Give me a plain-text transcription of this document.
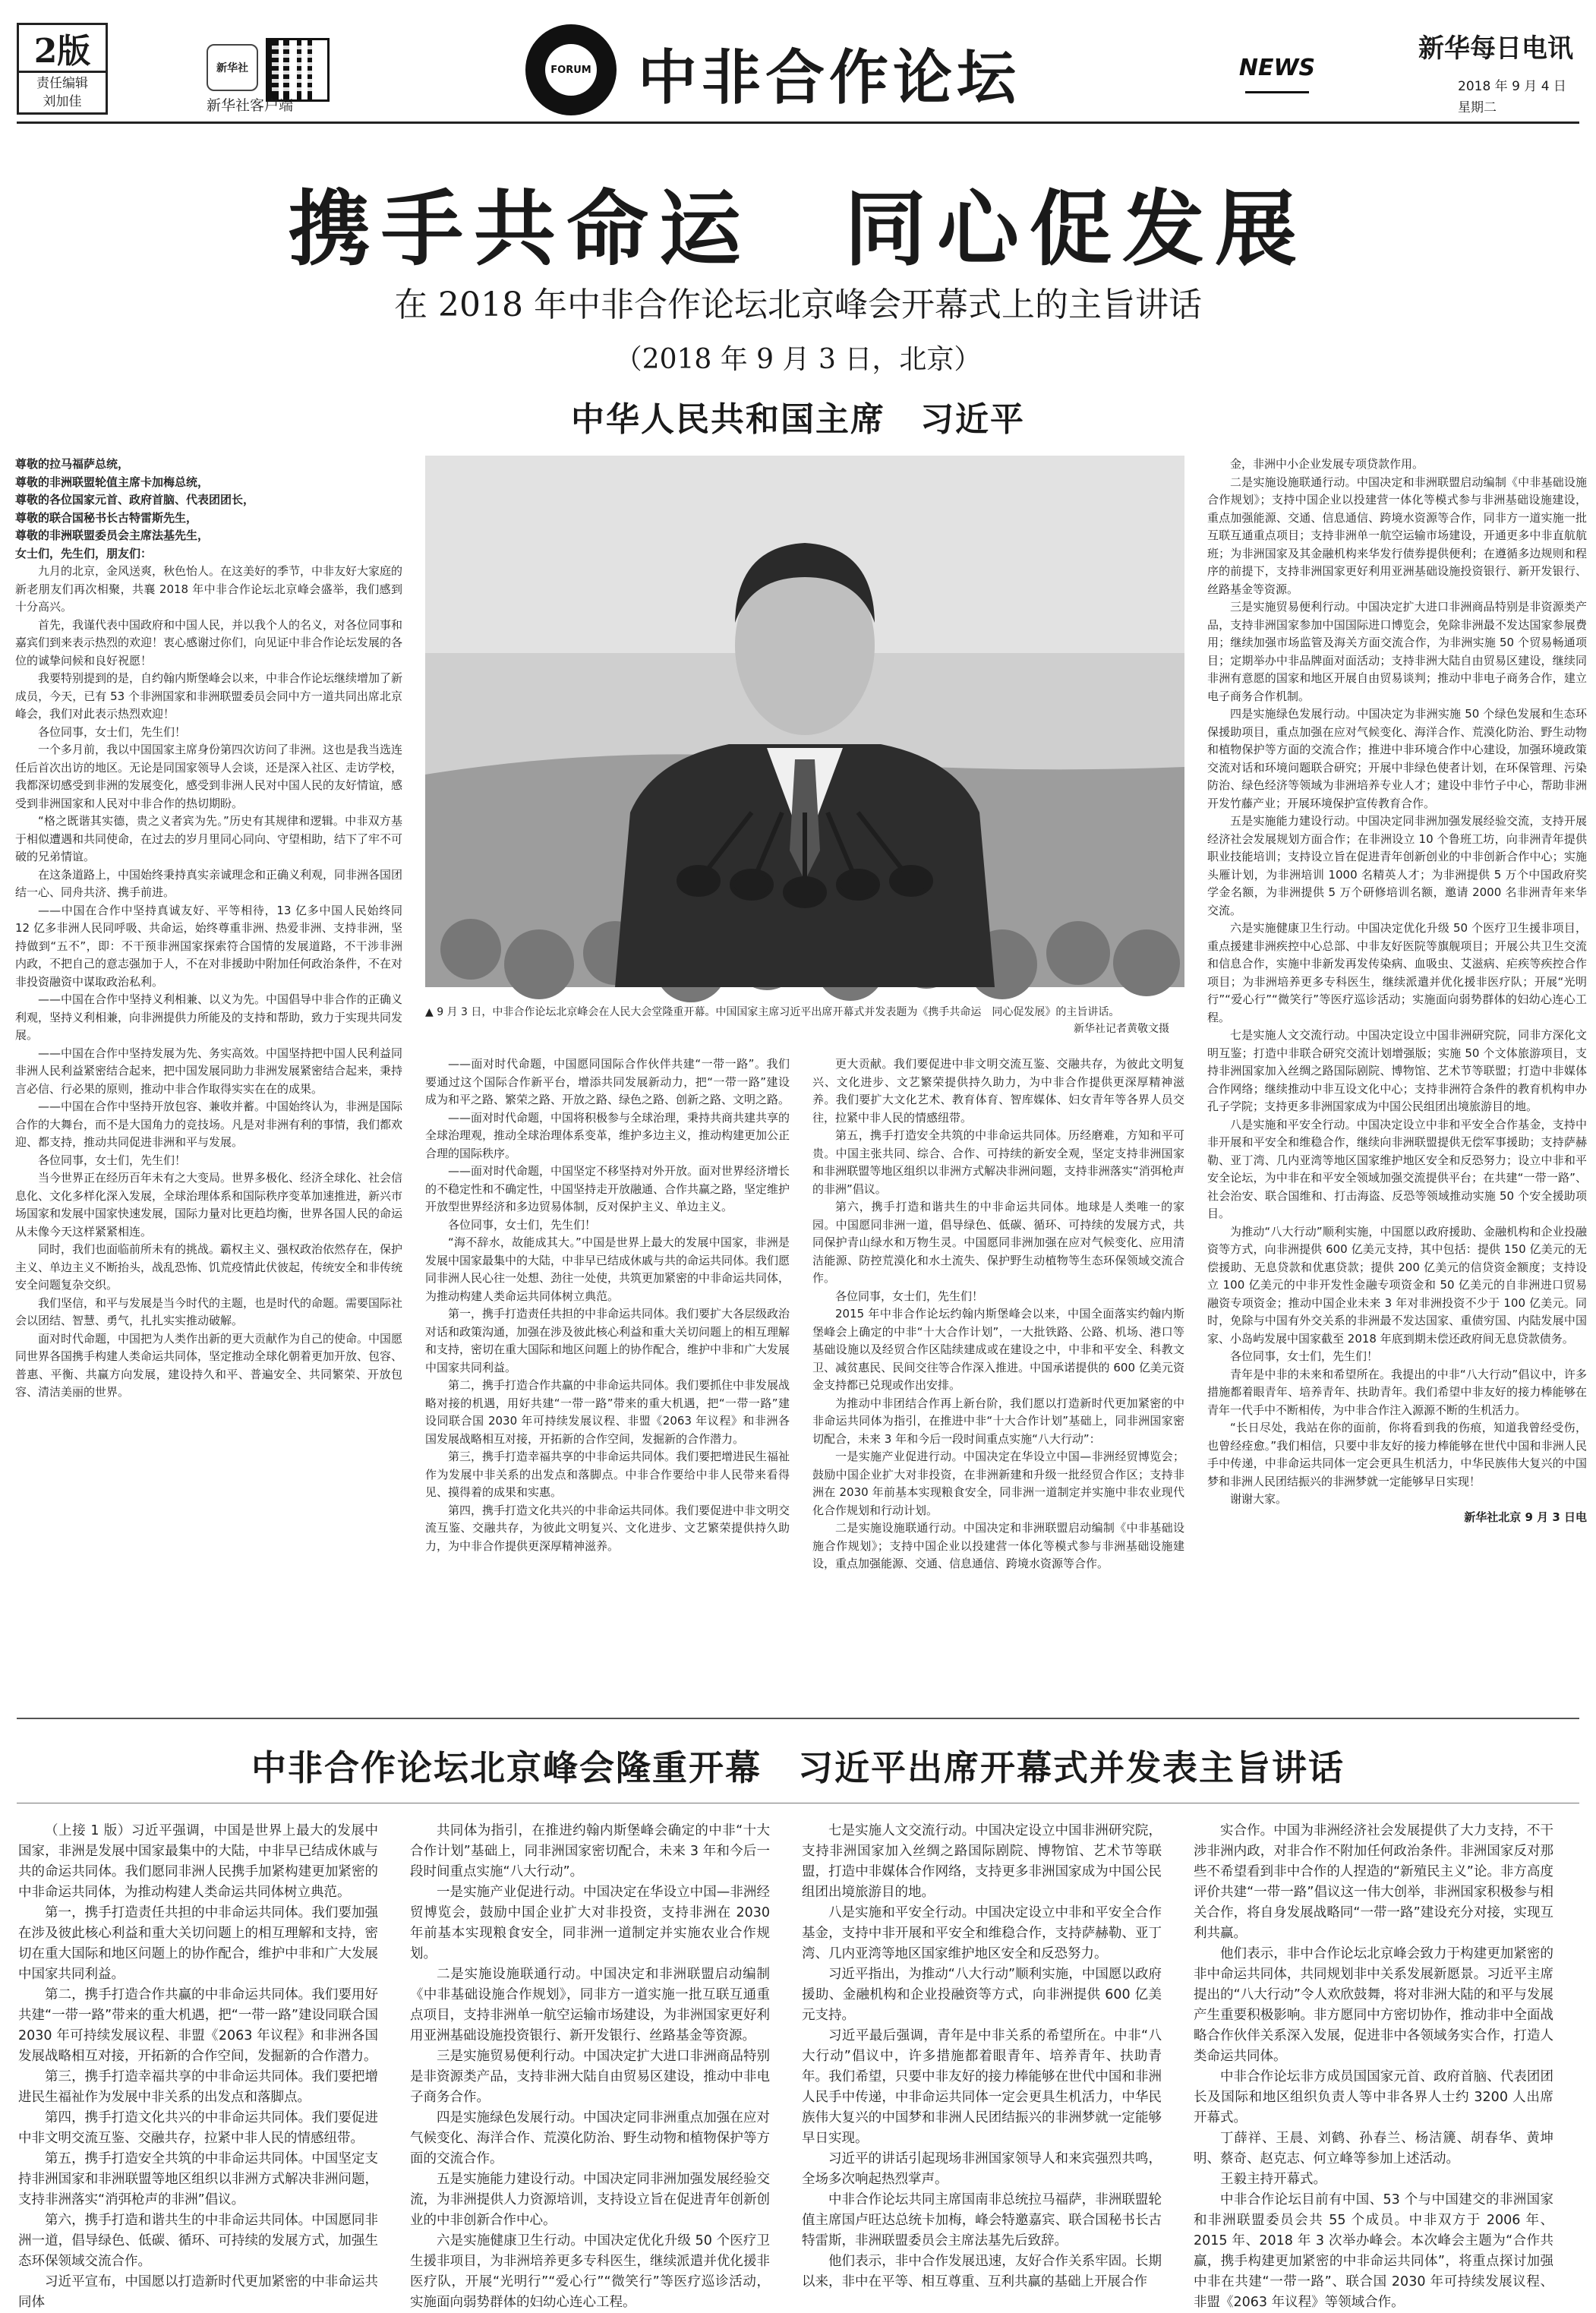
2版
责任编辑
刘加佳
新华社
新华社客户端
FORUM 中非合作论坛	NEWS
新华每日电讯
2018 年 9 月 4 日
星期二
携手共命运　同心促发展
在 2018 年中非合作论坛北京峰会开幕式上的主旨讲话
（2018 年 9 月 3 日，北京）
中华人民共和国主席　习近平

尊敬的拉马福萨总统，

尊敬的非洲联盟轮值主席卡加梅总统，

尊敬的各位国家元首、政府首脑、代表团团长，

尊敬的联合国秘书长古特雷斯先生，

尊敬的非洲联盟委员会主席法基先生，

女士们，先生们，朋友们：

九月的北京，金风送爽，秋色怡人。在这美好的季节，中非友好大家庭的新老朋友们再次相聚，共襄 2018 年中非合作论坛北京峰会盛举，我们感到十分高兴。

首先，我谨代表中国政府和中国人民，并以我个人的名义，对各位同事和嘉宾们到来表示热烈的欢迎！衷心感谢过你们，向见证中非合作论坛发展的各位的诚挚问候和良好祝愿！

我要特别提到的是，自约翰内斯堡峰会以来，中非合作论坛继续增加了新成员，今天，已有 53 个非洲国家和非洲联盟委员会同中方一道共同出席北京峰会，我们对此表示热烈欢迎！

各位同事，女士们，先生们！

一个多月前，我以中国国家主席身份第四次访问了非洲。这也是我当选连任后首次出访的地区。无论是同国家领导人会谈，还是深入社区、走访学校，我都深切感受到非洲的发展变化，感受到非洲人民对中国人民的友好情谊，感受到非洲国家和人民对中非合作的热切期盼。

“格之既谐其实德，贵之义者宾为先。”历史有其规律和逻辑。中非双方基于相似遭遇和共同使命，在过去的岁月里同心同向、守望相助，结下了牢不可破的兄弟情谊。

在这条道路上，中国始终秉持真实亲诚理念和正确义利观，同非洲各国团结一心、同舟共济、携手前进。

——中国在合作中坚持真诚友好、平等相待，13 亿多中国人民始终同 12 亿多非洲人民同呼吸、共命运，始终尊重非洲、热爱非洲、支持非洲，坚持做到“五不”，即：不干预非洲国家探索符合国情的发展道路，不干涉非洲内政，不把自己的意志强加于人，不在对非援助中附加任何政治条件，不在对非投资融资中谋取政治私利。

——中国在合作中坚持义利相兼、以义为先。中国倡导中非合作的正确义利观，坚持义利相兼，向非洲提供力所能及的支持和帮助，致力于实现共同发展。

——中国在合作中坚持发展为先、务实高效。中国坚持把中国人民利益同非洲人民利益紧密结合起来，把中国发展同助力非洲发展紧密结合起来，秉持言必信、行必果的原则，推动中非合作取得实实在在的成果。

——中国在合作中坚持开放包容、兼收并蓄。中国始终认为，非洲是国际合作的大舞台，而不是大国角力的竞技场。凡是对非洲有利的事情，我们都欢迎、都支持，推动共同促进非洲和平与发展。

各位同事，女士们，先生们！

当今世界正在经历百年未有之大变局。世界多极化、经济全球化、社会信息化、文化多样化深入发展，全球治理体系和国际秩序变革加速推进，新兴市场国家和发展中国家快速发展，国际力量对比更趋均衡，世界各国人民的命运从未像今天这样紧紧相连。

同时，我们也面临前所未有的挑战。霸权主义、强权政治依然存在，保护主义、单边主义不断抬头，战乱恐怖、饥荒疫情此伏彼起，传统安全和非传统安全问题复杂交织。

我们坚信，和平与发展是当今时代的主题，也是时代的命题。需要国际社会以团结、智慧、勇气，扎扎实实推动破解。

面对时代命题，中国把为人类作出新的更大贡献作为自己的使命。中国愿同世界各国携手构建人类命运共同体，坚定推动全球化朝着更加开放、包容、普惠、平衡、共赢方向发展，建设持久和平、普遍安全、共同繁荣、开放包容、清洁美丽的世界。

▲ 9 月 3 日，中非合作论坛北京峰会在人民大会堂隆重开幕。中国国家主席习近平出席开幕式并发表题为《携手共命运　同心促发展》的主旨讲话。
新华社记者黄敬文摄

——面对时代命题，中国愿同国际合作伙伴共建“一带一路”。我们要通过这个国际合作新平台，增添共同发展新动力，把“一带一路”建设成为和平之路、繁荣之路、开放之路、绿色之路、创新之路、文明之路。

——面对时代命题，中国将积极参与全球治理，秉持共商共建共享的全球治理观，推动全球治理体系变革，维护多边主义，推动构建更加公正合理的国际秩序。

——面对时代命题，中国坚定不移坚持对外开放。面对世界经济增长的不稳定性和不确定性，中国坚持走开放融通、合作共赢之路，坚定维护开放型世界经济和多边贸易体制，反对保护主义、单边主义。

各位同事，女士们，先生们！

“海不辞水，故能成其大。”中国是世界上最大的发展中国家，非洲是发展中国家最集中的大陆，中非早已结成休戚与共的命运共同体。我们愿同非洲人民心往一处想、劲往一处使，共筑更加紧密的中非命运共同体，为推动构建人类命运共同体树立典范。

第一，携手打造责任共担的中非命运共同体。我们要扩大各层级政治对话和政策沟通，加强在涉及彼此核心利益和重大关切问题上的相互理解和支持，密切在重大国际和地区问题上的协作配合，维护中非和广大发展中国家共同利益。

第二，携手打造合作共赢的中非命运共同体。我们要抓住中非发展战略对接的机遇，用好共建“一带一路”带来的重大机遇，把“一带一路”建设同联合国 2030 年可持续发展议程、非盟《2063 年议程》和非洲各国发展战略相互对接，开拓新的合作空间，发掘新的合作潜力。

第三，携手打造幸福共享的中非命运共同体。我们要把增进民生福祉作为发展中非关系的出发点和落脚点。中非合作要给中非人民带来看得见、摸得着的成果和实惠。

第四，携手打造文化共兴的中非命运共同体。我们要促进中非文明交流互鉴、交融共存，为彼此文明复兴、文化进步、文艺繁荣提供持久助力，为中非合作提供更深厚精神滋养。

更大贡献。我们要促进中非文明交流互鉴、交融共存，为彼此文明复兴、文化进步、文艺繁荣提供持久助力，为中非合作提供更深厚精神滋养。我们要扩大文化艺术、教育体育、智库媒体、妇女青年等各界人员交往，拉紧中非人民的情感纽带。

第五，携手打造安全共筑的中非命运共同体。历经磨难，方知和平可贵。中国主张共同、综合、合作、可持续的新安全观，坚定支持非洲国家和非洲联盟等地区组织以非洲方式解决非洲问题，支持非洲落实“消弭枪声的非洲”倡议。

第六，携手打造和谐共生的中非命运共同体。地球是人类唯一的家园。中国愿同非洲一道，倡导绿色、低碳、循环、可持续的发展方式，共同保护青山绿水和万物生灵。中国愿同非洲加强在应对气候变化、应用清洁能源、防控荒漠化和水土流失、保护野生动植物等生态环保领域交流合作。

各位同事，女士们，先生们！

2015 年中非合作论坛约翰内斯堡峰会以来，中国全面落实约翰内斯堡峰会上确定的中非“十大合作计划”，一大批铁路、公路、机场、港口等基础设施以及经贸合作区陆续建成或在建设之中，中非和平安全、科教文卫、减贫惠民、民间交往等合作深入推进。中国承诺提供的 600 亿美元资金支持都已兑现或作出安排。

为推动中非团结合作再上新台阶，我们愿以打造新时代更加紧密的中非命运共同体为指引，在推进中非“十大合作计划”基础上，同非洲国家密切配合，未来 3 年和今后一段时间重点实施“八大行动”：

一是实施产业促进行动。中国决定在华设立中国—非洲经贸博览会；鼓励中国企业扩大对非投资，在非洲新建和升级一批经贸合作区；支持非洲在 2030 年前基本实现粮食安全，同非洲一道制定并实施中非农业现代化合作规划和行动计划。

二是实施设施联通行动。中国决定和非洲联盟启动编制《中非基础设施合作规划》；支持中国企业以投建营一体化等模式参与非洲基础设施建设，重点加强能源、交通、信息通信、跨境水资源等合作。

金，非洲中小企业发展专项贷款作用。

二是实施设施联通行动。中国决定和非洲联盟启动编制《中非基础设施合作规划》；支持中国企业以投建营一体化等模式参与非洲基础设施建设，重点加强能源、交通、信息通信、跨境水资源等合作，同非方一道实施一批互联互通重点项目；支持非洲单一航空运输市场建设，开通更多中非直航航班；为非洲国家及其金融机构来华发行债券提供便利；在遵循多边规则和程序的前提下，支持非洲国家更好利用亚洲基础设施投资银行、新开发银行、丝路基金等资源。

三是实施贸易便利行动。中国决定扩大进口非洲商品特别是非资源类产品，支持非洲国家参加中国国际进口博览会，免除非洲最不发达国家参展费用；继续加强市场监管及海关方面交流合作，为非洲实施 50 个贸易畅通项目；定期举办中非品牌面对面活动；支持非洲大陆自由贸易区建设，继续同非洲有意愿的国家和地区开展自由贸易谈判；推动中非电子商务合作，建立电子商务合作机制。

四是实施绿色发展行动。中国决定为非洲实施 50 个绿色发展和生态环保援助项目，重点加强在应对气候变化、海洋合作、荒漠化防治、野生动物和植物保护等方面的交流合作；推进中非环境合作中心建设，加强环境政策交流对话和环境问题联合研究；开展中非绿色使者计划，在环保管理、污染防治、绿色经济等领域为非洲培养专业人才；建设中非竹子中心，帮助非洲开发竹藤产业；开展环境保护宣传教育合作。

五是实施能力建设行动。中国决定同非洲加强发展经验交流，支持开展经济社会发展规划方面合作；在非洲设立 10 个鲁班工坊，向非洲青年提供职业技能培训；支持设立旨在促进青年创新创业的中非创新合作中心；实施头雁计划，为非洲培训 1000 名精英人才；为非洲提供 5 万个中国政府奖学金名额，为非洲提供 5 万个研修培训名额，邀请 2000 名非洲青年来华交流。

六是实施健康卫生行动。中国决定优化升级 50 个医疗卫生援非项目，重点援建非洲疾控中心总部、中非友好医院等旗舰项目；开展公共卫生交流和信息合作，实施中非新发再发传染病、血吸虫、艾滋病、疟疾等疾控合作项目；为非洲培养更多专科医生，继续派遣并优化援非医疗队；开展“光明行”“爱心行”“微笑行”等医疗巡诊活动；实施面向弱势群体的妇幼心连心工程。

七是实施人文交流行动。中国决定设立中国非洲研究院，同非方深化文明互鉴；打造中非联合研究交流计划增强版；实施 50 个文体旅游项目，支持非洲国家加入丝绸之路国际剧院、博物馆、艺术节等联盟；打造中非媒体合作网络；继续推动中非互设文化中心；支持非洲符合条件的教育机构申办孔子学院；支持更多非洲国家成为中国公民组团出境旅游目的地。

八是实施和平安全行动。中国决定设立中非和平安全合作基金，支持中非开展和平安全和维稳合作，继续向非洲联盟提供无偿军事援助；支持萨赫勒、亚丁湾、几内亚湾等地区国家维护地区安全和反恐努力；设立中非和平安全论坛，为中非在和平安全领域加强交流提供平台；在共建“一带一路”、社会治安、联合国维和、打击海盗、反恐等领域推动实施 50 个安全援助项目。

为推动“八大行动”顺利实施，中国愿以政府援助、金融机构和企业投融资等方式，向非洲提供 600 亿美元支持，其中包括：提供 150 亿美元的无偿援助、无息贷款和优惠贷款；提供 200 亿美元的信贷资金额度；支持设立 100 亿美元的中非开发性金融专项资金和 50 亿美元的自非洲进口贸易融资专项资金；推动中国企业未来 3 年对非洲投资不少于 100 亿美元。同时，免除与中国有外交关系的非洲最不发达国家、重债穷国、内陆发展中国家、小岛屿发展中国家截至 2018 年底到期未偿还政府间无息贷款债务。

各位同事，女士们，先生们！

青年是中非的未来和希望所在。我提出的中非“八大行动”倡议中，许多措施都着眼青年、培养青年、扶助青年。我们希望中非友好的接力棒能够在青年一代手中不断相传，为中非合作注入源源不断的生机活力。

“长日尽处，我站在你的面前，你将看到我的伤痕，知道我曾经受伤，也曾经痊愈。”我们相信，只要中非友好的接力棒能够在世代中国和非洲人民手中传递，中非命运共同体一定会更具生机活力，中华民族伟大复兴的中国梦和非洲人民团结振兴的非洲梦就一定能够早日实现！

谢谢大家。

新华社北京 9 月 3 日电

中非合作论坛北京峰会隆重开幕　习近平出席开幕式并发表主旨讲话

（上接 1 版）习近平强调，中国是世界上最大的发展中国家，非洲是发展中国家最集中的大陆，中非早已结成休戚与共的命运共同体。我们愿同非洲人民携手加紧构建更加紧密的中非命运共同体，为推动构建人类命运共同体树立典范。

第一，携手打造责任共担的中非命运共同体。我们要加强在涉及彼此核心利益和重大关切问题上的相互理解和支持，密切在重大国际和地区问题上的协作配合，维护中非和广大发展中国家共同利益。

第二，携手打造合作共赢的中非命运共同体。我们要用好共建“一带一路”带来的重大机遇，把“一带一路”建设同联合国 2030 年可持续发展议程、非盟《2063 年议程》和非洲各国发展战略相互对接，开拓新的合作空间，发掘新的合作潜力。

第三，携手打造幸福共享的中非命运共同体。我们要把增进民生福祉作为发展中非关系的出发点和落脚点。

第四，携手打造文化共兴的中非命运共同体。我们要促进中非文明交流互鉴、交融共存，拉紧中非人民的情感纽带。

第五，携手打造安全共筑的中非命运共同体。中国坚定支持非洲国家和非洲联盟等地区组织以非洲方式解决非洲问题，支持非洲落实“消弭枪声的非洲”倡议。

第六，携手打造和谐共生的中非命运共同体。中国愿同非洲一道，倡导绿色、低碳、循环、可持续的发展方式，加强生态环保领域交流合作。

习近平宣布，中国愿以打造新时代更加紧密的中非命运共同体

共同体为指引，在推进约翰内斯堡峰会确定的中非“十大合作计划”基础上，同非洲国家密切配合，未来 3 年和今后一段时间重点实施“八大行动”。

一是实施产业促进行动。中国决定在华设立中国—非洲经贸博览会，鼓励中国企业扩大对非投资，支持非洲在 2030 年前基本实现粮食安全，同非洲一道制定并实施农业合作规划。

二是实施设施联通行动。中国决定和非洲联盟启动编制《中非基础设施合作规划》，同非方一道实施一批互联互通重点项目，支持非洲单一航空运输市场建设，为非洲国家更好利用亚洲基础设施投资银行、新开发银行、丝路基金等资源。

三是实施贸易便利行动。中国决定扩大进口非洲商品特别是非资源类产品，支持非洲大陆自由贸易区建设，推动中非电子商务合作。

四是实施绿色发展行动。中国决定同非洲重点加强在应对气候变化、海洋合作、荒漠化防治、野生动物和植物保护等方面的交流合作。

五是实施能力建设行动。中国决定同非洲加强发展经验交流，为非洲提供人力资源培训，支持设立旨在促进青年创新创业的中非创新合作中心。

六是实施健康卫生行动。中国决定优化升级 50 个医疗卫生援非项目，为非洲培养更多专科医生，继续派遣并优化援非医疗队，开展“光明行”“爱心行”“微笑行”等医疗巡诊活动，实施面向弱势群体的妇幼心连心工程。

七是实施人文交流行动。中国决定设立中国非洲研究院，支持非洲国家加入丝绸之路国际剧院、博物馆、艺术节等联盟，打造中非媒体合作网络，支持更多非洲国家成为中国公民组团出境旅游目的地。

八是实施和平安全行动。中国决定设立中非和平安全合作基金，支持中非开展和平安全和维稳合作，支持萨赫勒、亚丁湾、几内亚湾等地区国家维护地区安全和反恐努力。

习近平指出，为推动“八大行动”顺利实施，中国愿以政府援助、金融机构和企业投融资等方式，向非洲提供 600 亿美元支持。

习近平最后强调，青年是中非关系的希望所在。中非“八大行动”倡议中，许多措施都着眼青年、培养青年、扶助青年。我们希望，只要中非友好的接力棒能够在世代中国和非洲人民手中传递，中非命运共同体一定会更具生机活力，中华民族伟大复兴的中国梦和非洲人民团结振兴的非洲梦就一定能够早日实现。

习近平的讲话引起现场非洲国家领导人和来宾强烈共鸣，全场多次响起热烈掌声。

中非合作论坛共同主席国南非总统拉马福萨，非洲联盟轮值主席国卢旺达总统卡加梅，峰会特邀嘉宾、联合国秘书长古特雷斯，非洲联盟委员会主席法基先后致辞。

他们表示，非中合作发展迅速，友好合作关系牢固。长期以来，非中在平等、相互尊重、互利共赢的基础上开展合作

实合作。中国为非洲经济社会发展提供了大力支持，不干涉非洲内政，对非合作不附加任何政治条件。非洲国家反对那些不希望看到非中合作的人捏造的“新殖民主义”论。非方高度评价共建“一带一路”倡议这一伟大创举，非洲国家积极参与相关合作，将自身发展战略同“一带一路”建设充分对接，实现互利共赢。

他们表示，非中合作论坛北京峰会致力于构建更加紧密的非中命运共同体，共同规划非中关系发展新愿景。习近平主席提出的“八大行动”令人欢欣鼓舞，将对非洲大陆的和平与发展产生重要积极影响。非方愿同中方密切协作，推动非中全面战略合作伙伴关系深入发展，促进非中各领域务实合作，打造人类命运共同体。

中非合作论坛非方成员国国家元首、政府首脑、代表团团长及国际和地区组织负责人等中非各界人士约 3200 人出席开幕式。

丁薛祥、王晨、刘鹤、孙春兰、杨洁篪、胡春华、黄坤明、蔡奇、赵克志、何立峰等参加上述活动。

王毅主持开幕式。

中非合作论坛目前有中国、53 个与中国建交的非洲国家和非洲联盟委员会共 55 个成员。中非双方于 2006 年、2015 年、2018 年 3 次举办峰会。本次峰会主题为“合作共赢，携手构建更加紧密的中非命运共同体”，将重点探讨加强中非在共建“一带一路”、联合国 2030 年可持续发展议程、非盟《2063 年议程》等领域合作。
